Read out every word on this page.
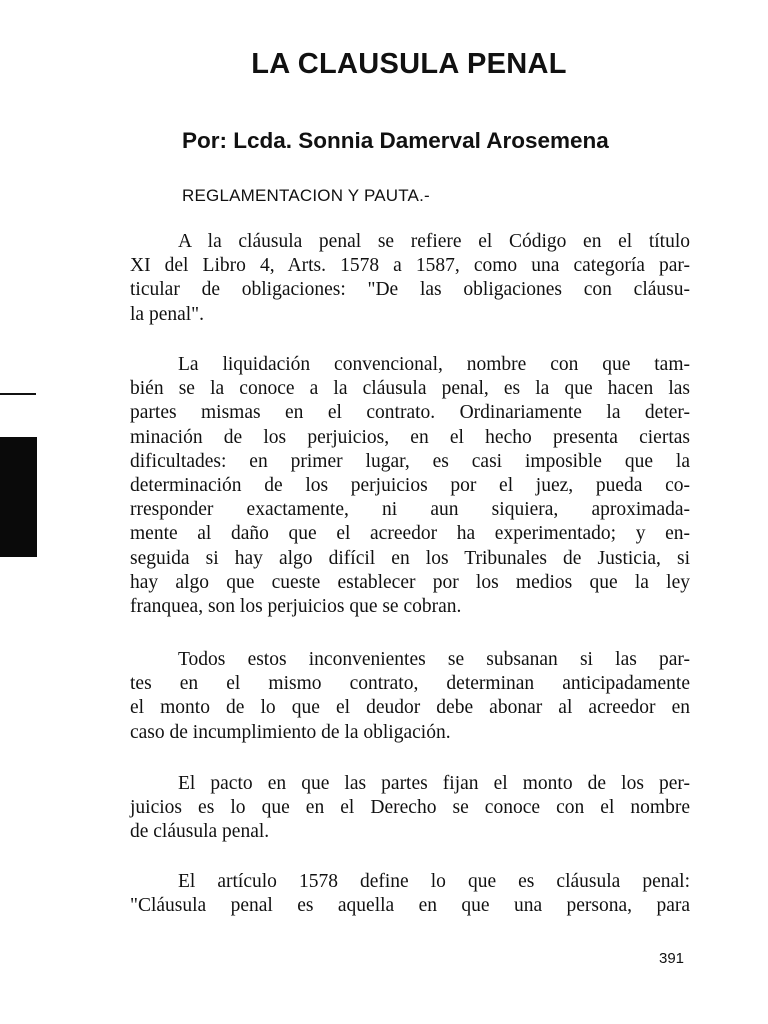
LA CLAUSULA PENAL
Por: Lcda. Sonnia Damerval Arosemena
REGLAMENTACION Y PAUTA.-
A la cláusula penal se refiere el Código en el título
XI del Libro 4, Arts. 1578 a 1587, como una categoría par-
ticular de obligaciones: "De las obligaciones con cláusu-
la penal".
La liquidación convencional, nombre con que tam-
bién se la conoce a la cláusula penal, es la que hacen las
partes mismas en el contrato. Ordinariamente la deter-
minación de los perjuicios, en el hecho presenta ciertas
dificultades: en primer lugar, es casi imposible que la
determinación de los perjuicios por el juez, pueda co-
rresponder exactamente, ni aun siquiera, aproximada-
mente al daño que el acreedor ha experimentado; y en-
seguida si hay algo difícil en los Tribunales de Justicia, si
hay algo que cueste establecer por los medios que la ley
franquea, son los perjuicios que se cobran.
Todos estos inconvenientes se subsanan si las par-
tes en el mismo contrato, determinan anticipadamente
el monto de lo que el deudor debe abonar al acreedor en
caso de incumplimiento de la obligación.
El pacto en que las partes fijan el monto de los per-
juicios es lo que en el Derecho se conoce con el nombre
de cláusula penal.
El artículo 1578 define lo que es cláusula penal:
"Cláusula penal es aquella en que una persona, para
391
